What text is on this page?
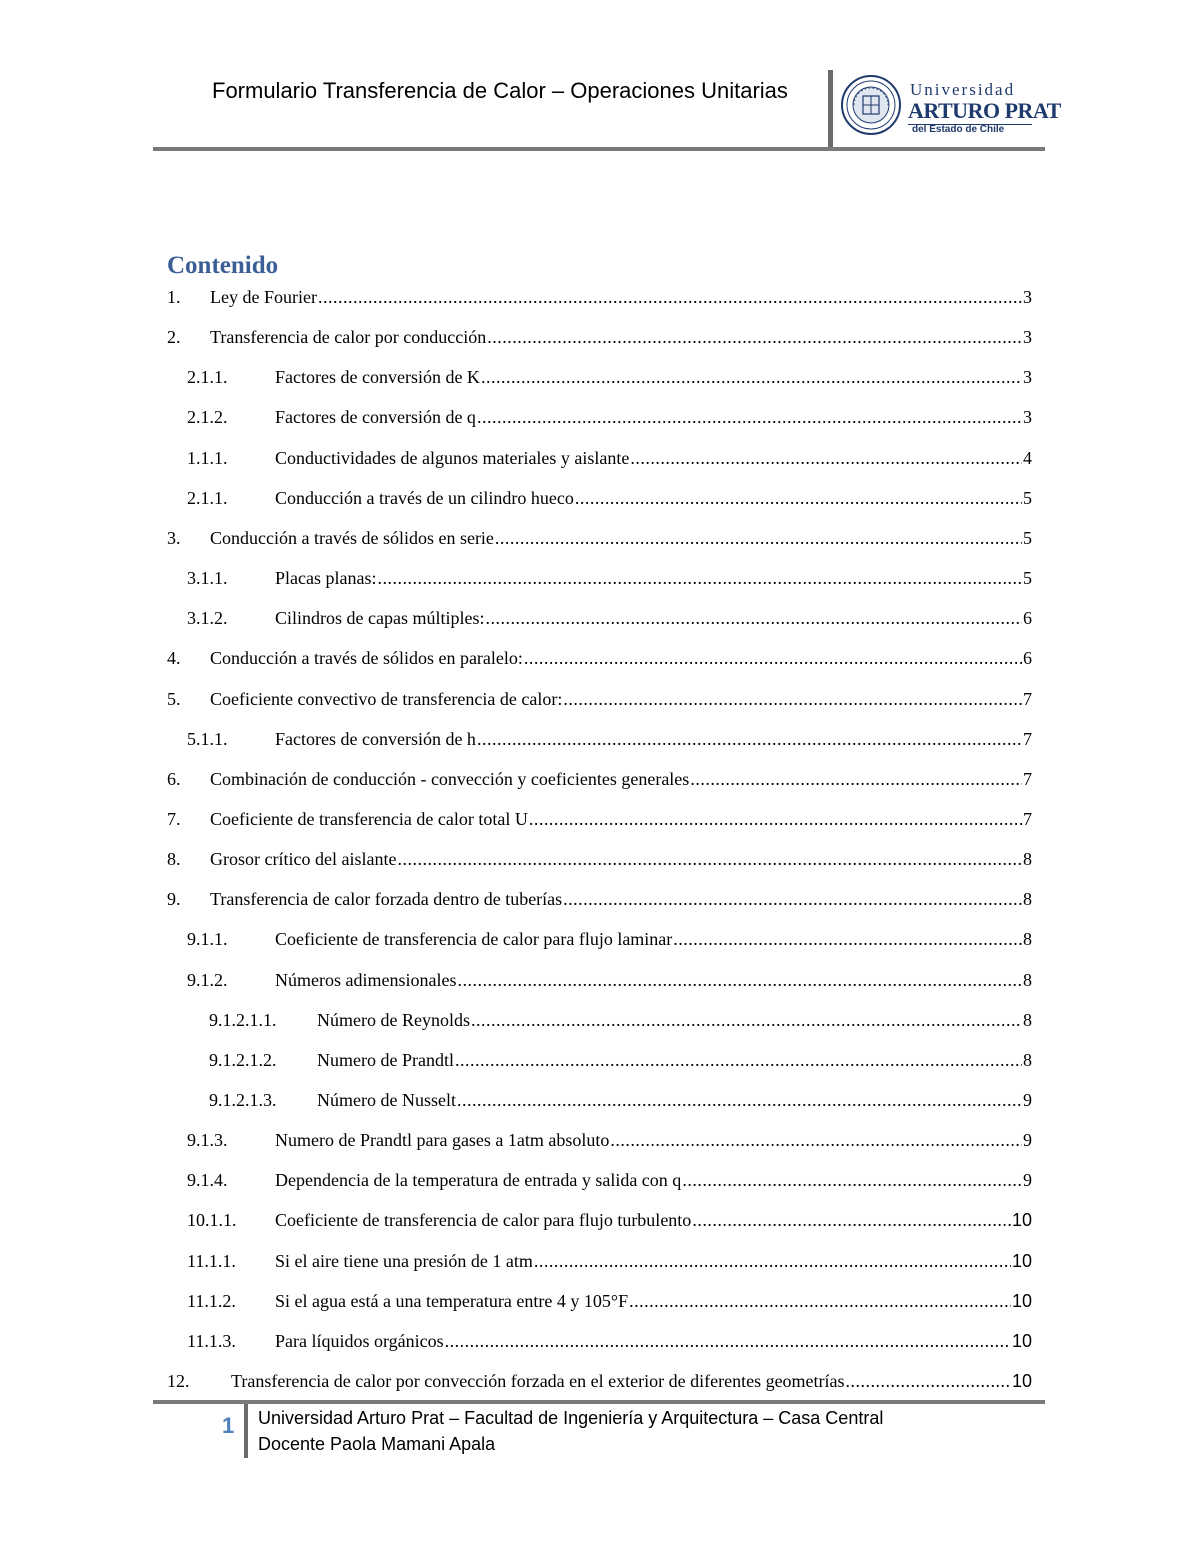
Formulario Transferencia de Calor – Operaciones Unitarias	Universidad
ARTURO PRAT
del Estado de Chile
Contenido
1.	Ley de Fourier .....	3
2.	Transferencia de calor por conducción .....	3
2.1.1.	Factores de conversión de K .....	3
2.1.2.	Factores de conversión de q .....	3
1.1.1.	Conductividades de algunos materiales y aislante .....	4
2.1.1.	Conducción a través de un cilindro hueco .....	5
3.	Conducción a través de sólidos en serie .....	5
3.1.1.	Placas planas: .....	5
3.1.2.	Cilindros de capas múltiples: .....	6
4.	Conducción a través de sólidos en paralelo: .....	6
5.	Coeficiente convectivo de transferencia de calor: .....	7
5.1.1.	Factores de conversión de h .....	7
6.	Combinación de conducción - convección y coeficientes generales .....	7
7.	Coeficiente de transferencia de calor total U .....	7
8.	Grosor crítico del aislante .....	8
9.	Transferencia de calor forzada dentro de tuberías .....	8
9.1.1.	Coeficiente de transferencia de calor para flujo laminar .....	8
9.1.2.	Números adimensionales .....	8
9.1.2.1.1.	Número de Reynolds .....	8
9.1.2.1.2.	Numero de Prandtl .....	8
9.1.2.1.3.	Número de Nusselt .....	9
9.1.3.	Numero de Prandtl para gases a 1atm absoluto .....	9
9.1.4.	Dependencia de la temperatura de entrada y salida con q .....	9
10.1.1.	Coeficiente de transferencia de calor para flujo turbulento .....	10
11.1.1.	Si el aire tiene una presión de 1 atm .....	10
11.1.2.	Si el agua está a una temperatura entre 4 y 105°F .....	10
11.1.3.	Para líquidos orgánicos .....	10
12.	Transferencia de calor por convección forzada en el exterior de diferentes geometrías .....	10
1 Universidad Arturo Prat – Facultad de Ingeniería y Arquitectura – Casa Central
Docente Paola Mamani Apala
